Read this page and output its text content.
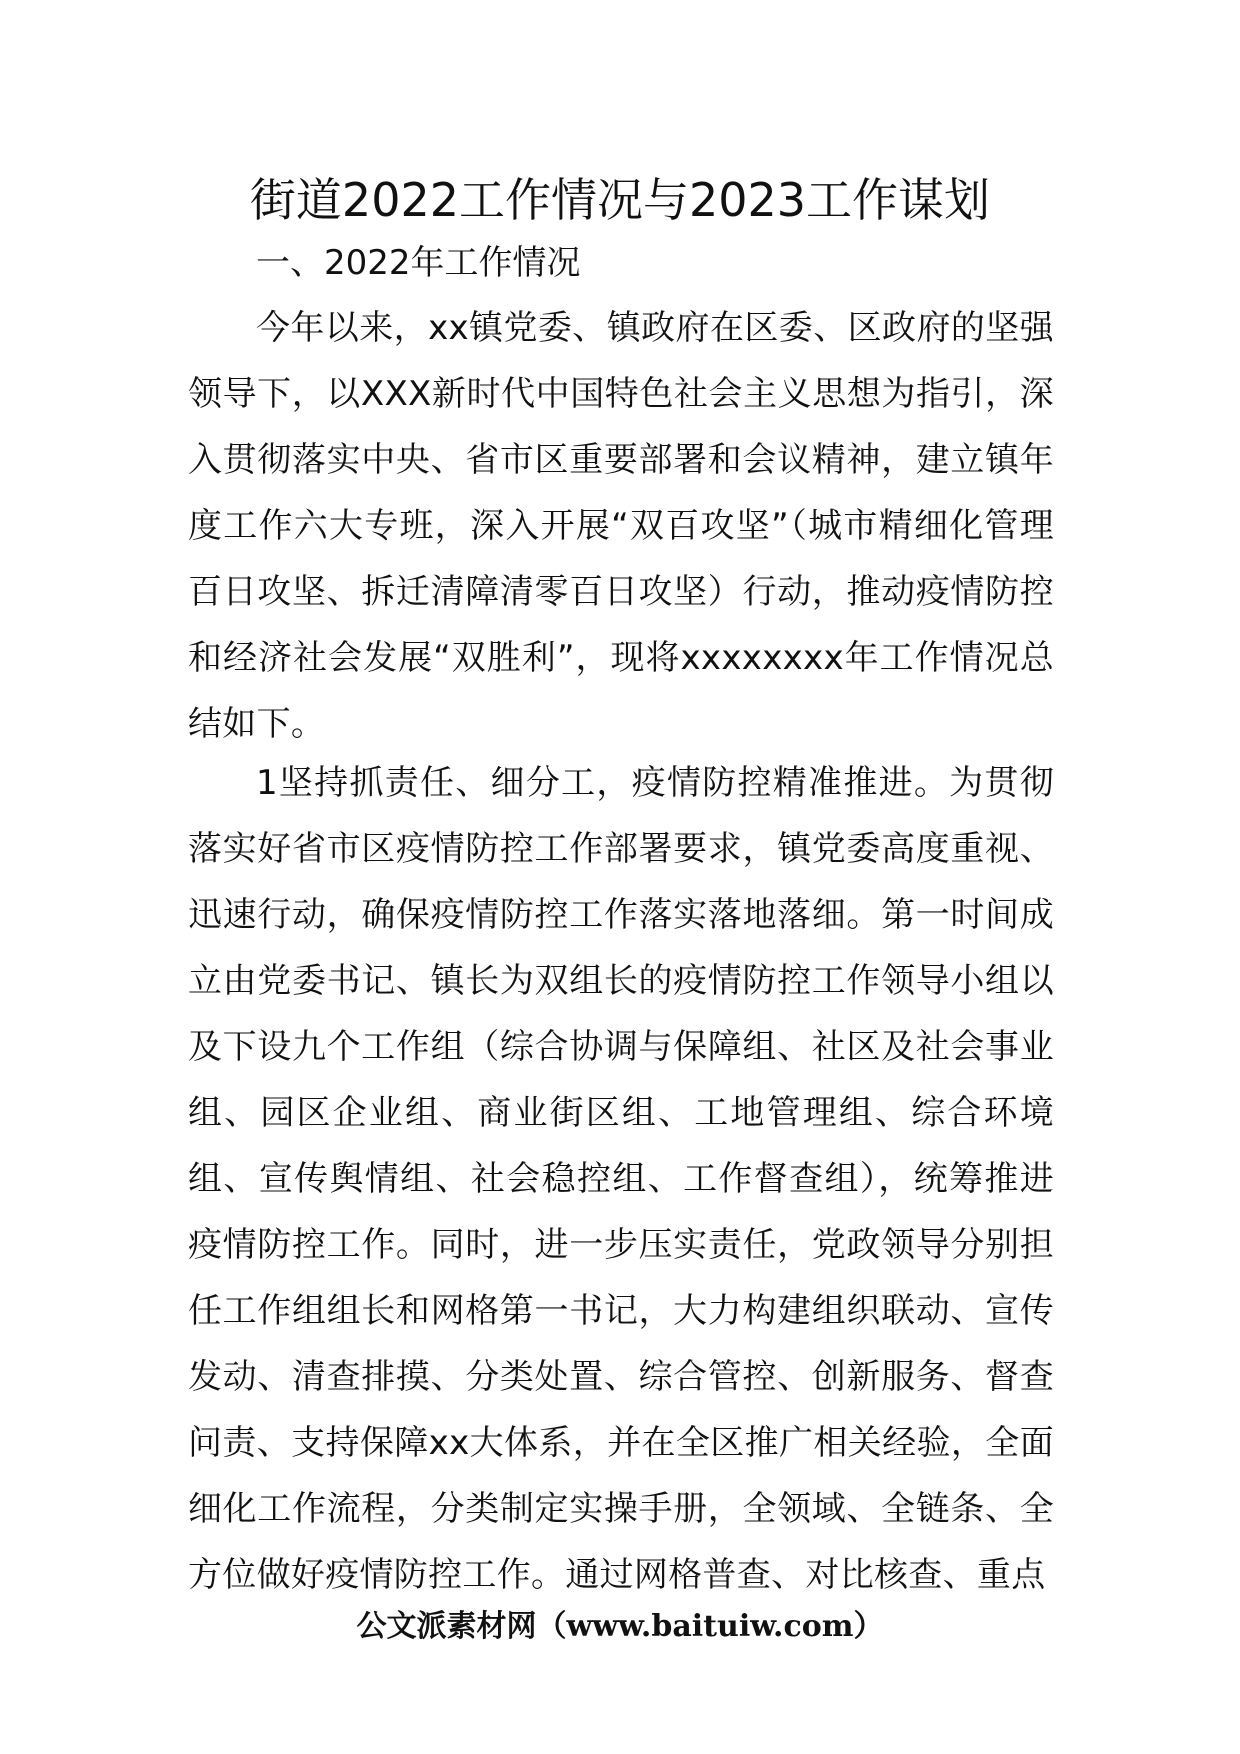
街道2022工作情况与2023工作谋划
一、2022年工作情况

今年以来，xx镇党委、镇政府在区委、区政府的坚强领导下，以XXX新时代中国特色社会主义思想为指引，深入贯彻落实中央、省市区重要部署和会议精神，建立镇年度工作六大专班，深入开展“双百攻坚”（城市精细化管理百日攻坚、拆迁清障清零百日攻坚）行动，推动疫情防控和经济社会发展“双胜利”，现将xxxxxxxx年工作情况总结如下。

1坚持抓责任、细分工，疫情防控精准推进。为贯彻落实好省市区疫情防控工作部署要求，镇党委高度重视、迅速行动，确保疫情防控工作落实落地落细。第一时间成立由党委书记、镇长为双组长的疫情防控工作领导小组以及下设九个工作组（综合协调与保障组、社区及社会事业组、园区企业组、商业街区组、工地管理组、综合环境组、宣传舆情组、社会稳控组、工作督查组），统筹推进疫情防控工作。同时，进一步压实责任，党政领导分别担任工作组组长和网格第一书记，大力构建组织联动、宣传发动、清查排摸、分类处置、综合管控、创新服务、督查问责、支持保障xx大体系，并在全区推广相关经验，全面细化工作流程，分类制定实操手册，全领域、全链条、全方位做好疫情防控工作。通过网格普查、对比核查、重点

公文派素材网（www.baituiw.com）
